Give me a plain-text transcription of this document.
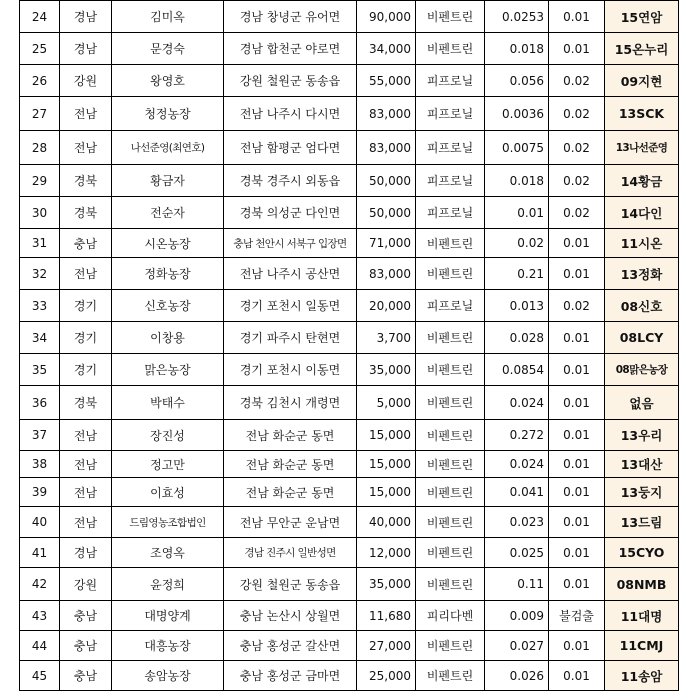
24	경남	김미옥	경남 창녕군 유어면	90,000	비펜트린	0.0253	0.01	15연암
25	경남	문경숙	경남 합천군 야로면	34,000	비펜트린	0.018	0.01	15온누리
26	강원	왕영호	강원 철원군 동송읍	55,000	피프로닐	0.056	0.02	09지현
27	전남	청정농장	전남 나주시 다시면	83,000	피프로닐	0.0036	0.02	13SCK
28	전남	나선준영(최연호)	전남 함평군 엄다면	83,000	피프로닐	0.0075	0.02	13나선준영
29	경북	황금자	경북 경주시 외동읍	50,000	피프로닐	0.018	0.02	14황금
30	경북	전순자	경북 의성군 다인면	50,000	피프로닐	0.01	0.02	14다인
31	충남	시온농장	충남 천안시 서북구 입장면	71,000	비펜트린	0.02	0.01	11시온
32	전남	정화농장	전남 나주시 공산면	83,000	비펜트린	0.21	0.01	13정화
33	경기	신호농장	경기 포천시 일동면	20,000	피프로닐	0.013	0.02	08신호
34	경기	이창용	경기 파주시 탄현면	3,700	비펜트린	0.028	0.01	08LCY
35	경기	맑은농장	경기 포천시 이동면	35,000	비펜트린	0.0854	0.01	08맑은농장
36	경북	박태수	경북 김천시 개령면	5,000	비펜트린	0.024	0.01	없음
37	전남	장진성	전남 화순군 동면	15,000	비펜트린	0.272	0.01	13우리
38	전남	정고만	전남 화순군 동면	15,000	비펜트린	0.024	0.01	13대산
39	전남	이효성	전남 화순군 동면	15,000	비펜트린	0.041	0.01	13둥지
40	전남	드림영농조합법인	전남 무안군 운남면	40,000	비펜트린	0.023	0.01	13드림
41	경남	조영옥	경남 진주시 일반성면	12,000	비펜트린	0.025	0.01	15CYO
42	강원	윤정희	강원 철원군 동송읍	35,000	비펜트린	0.11	0.01	08NMB
43	충남	대명양계	충남 논산시 상월면	11,680	피리다벤	0.009	불검출	11대명
44	충남	대흥농장	충남 홍성군 갈산면	27,000	비펜트린	0.027	0.01	11CMJ
45	충남	송암농장	충남 홍성군 금마면	25,000	비펜트린	0.026	0.01	11송암
